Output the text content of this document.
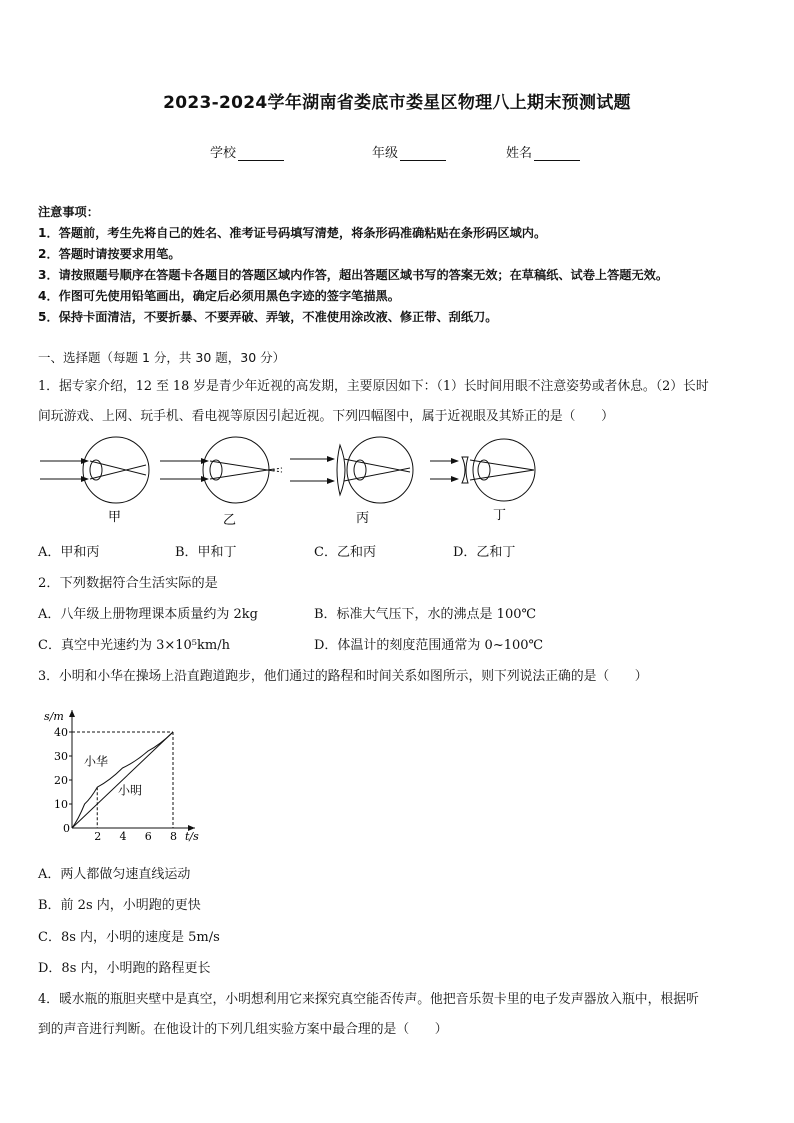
2023-2024学年湖南省娄底市娄星区物理八上期末预测试题
学校	年级	姓名
注意事项：
1．答题前，考生先将自己的姓名、准考证号码填写清楚，将条形码准确粘贴在条形码区域内。
2．答题时请按要求用笔。
3．请按照题号顺序在答题卡各题目的答题区域内作答，超出答题区域书写的答案无效；在草稿纸、试卷上答题无效。
4．作图可先使用铅笔画出，确定后必须用黑色字迹的签字笔描黑。
5．保持卡面清洁，不要折暴、不要弄破、弄皱，不准使用涂改液、修正带、刮纸刀。
一、选择题（每题 1 分，共 30 题，30 分）
1．据专家介绍，12 至 18 岁是青少年近视的高发期，主要原因如下：（1）长时间用眼不注意姿势或者休息。（2）长时
间玩游戏、上网、玩手机、看电视等原因引起近视。下列四幅图中，属于近视眼及其矫正的是（　　）
甲	乙	丙	丁
A．甲和丙	B．甲和丁	C．乙和丙	D．乙和丁
2．下列数据符合生活实际的是
A．八年级上册物理课本质量约为 2kg	B．标准大气压下，水的沸点是 100℃
C．真空中光速约为 3×10⁵km/h	D．体温计的刻度范围通常为 0~100℃
3．小明和小华在操场上沿直跑道跑步，他们通过的路程和时间关系如图所示，则下列说法正确的是（　　）
t/s
s/m
0
2 4 6 8
10
20
30
40
小华
小明
A．两人都做匀速直线运动
B．前 2s 内，小明跑的更快
C．8s 内，小明的速度是 5m/s
D．8s 内，小明跑的路程更长
4．暖水瓶的瓶胆夹壁中是真空，小明想利用它来探究真空能否传声。他把音乐贺卡里的电子发声器放入瓶中，根据听
到的声音进行判断。在他设计的下列几组实验方案中最合理的是（　　）
